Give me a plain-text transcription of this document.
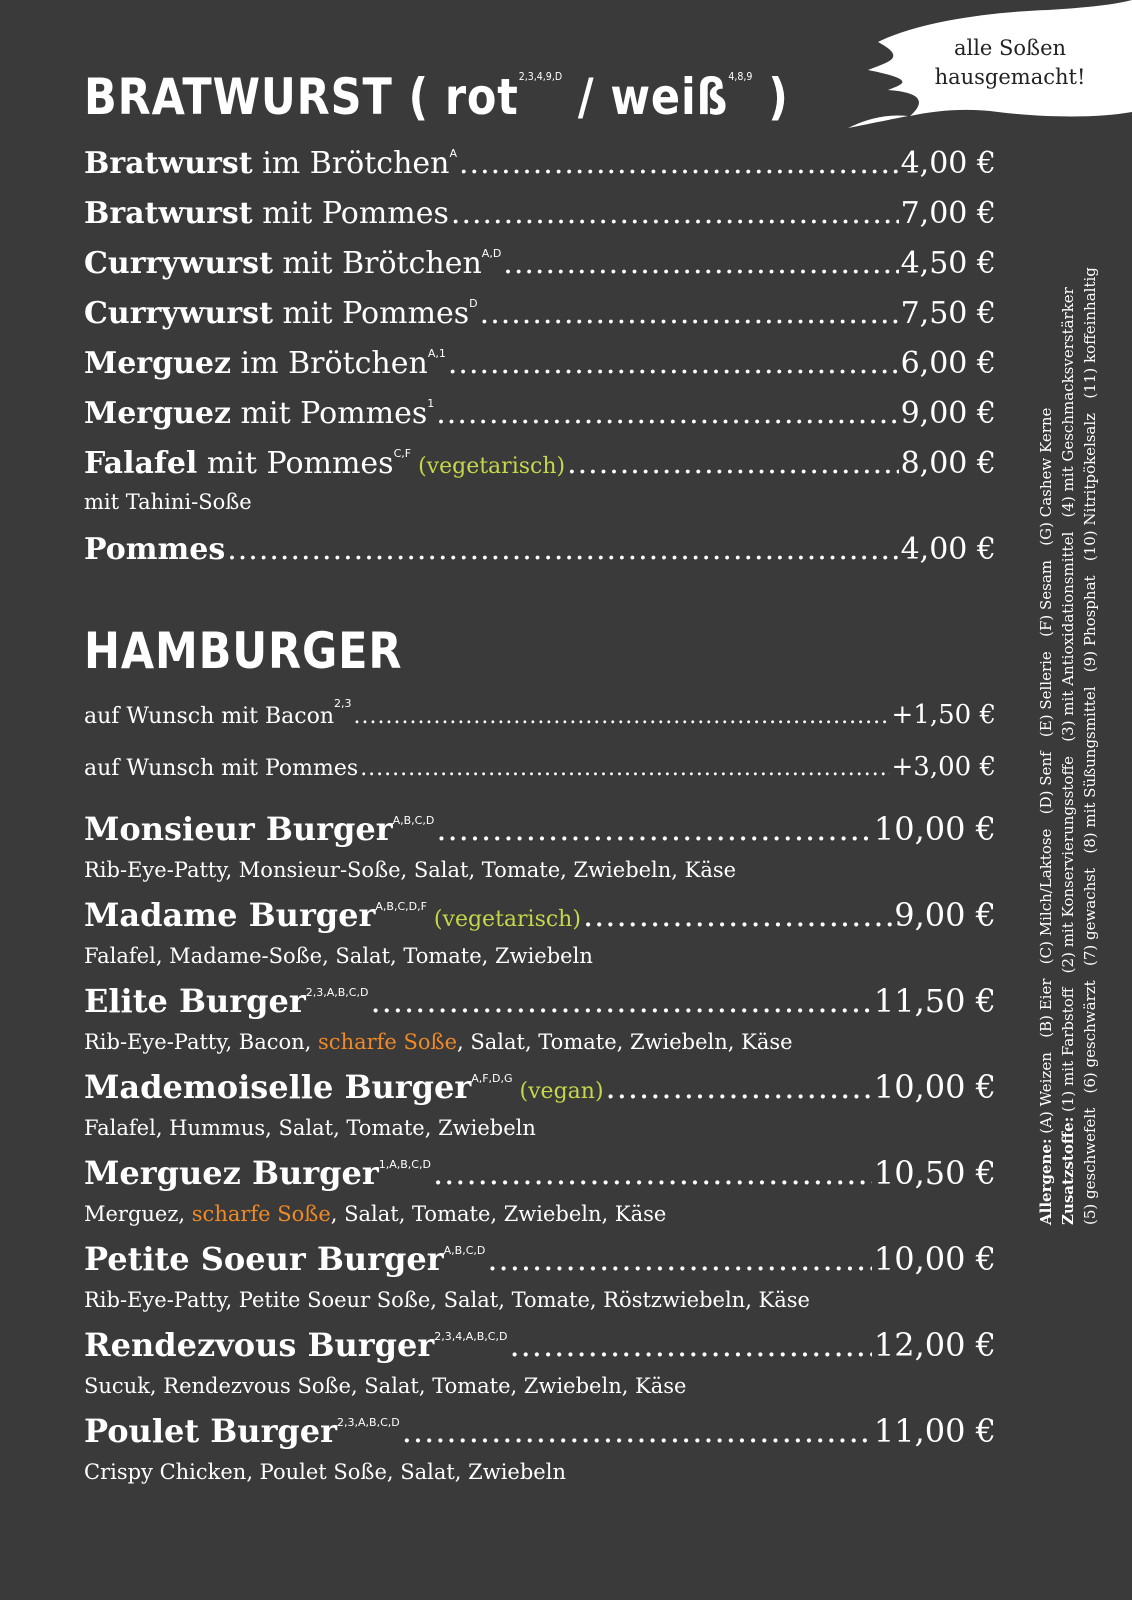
alle Soßen
hausgemacht!
BRATWURST ( rot$^{2,3,4,9,D}$ / weiß$^{4,8,9}$ )
Bratwurst im Brötchen$^A$ .....	4,00 €
Bratwurst mit Pommes .....	7,00 €
Currywurst mit Brötchen$^{A,D}$ .....	4,50 €
Currywurst mit Pommes$^D$ .....	7,50 €
Merguez im Brötchen$^{A,1}$ .....	6,00 €
Merguez mit Pommes$^1$ .....	9,00 €
Falafel mit Pommes$^{C,F}$ (vegetarisch) .....	8,00 €
mit Tahini-Soße
Pommes .....	4,00 €
HAMBURGER
auf Wunsch mit Bacon$^{2,3}$ .....	+1,50 €
auf Wunsch mit Pommes .....	+3,00 €
Monsieur Burger$^{A,B,C,D}$ .....	10,00 €
Rib-Eye-Patty, Monsieur-Soße, Salat, Tomate, Zwiebeln, Käse
Madame Burger$^{A,B,C,D,F}$ (vegetarisch) .....	9,00 €
Falafel, Madame-Soße, Salat, Tomate, Zwiebeln
Elite Burger$^{2,3,A,B,C,D}$ .....	11,50 €
Rib-Eye-Patty, Bacon, scharfe Soße, Salat, Tomate, Zwiebeln, Käse
Mademoiselle Burger$^{A,F,D,G}$ (vegan) .....	10,00 €
Falafel, Hummus, Salat, Tomate, Zwiebeln
Merguez Burger$^{1,A,B,C,D}$ .....	10,50 €
Merguez, scharfe Soße, Salat, Tomate, Zwiebeln, Käse
Petite Soeur Burger$^{A,B,C,D}$ .....	10,00 €
Rib-Eye-Patty, Petite Soeur Soße, Salat, Tomate, Röstzwiebeln, Käse
Rendezvous Burger$^{2,3,4,A,B,C,D}$ .....	12,00 €
Sucuk, Rendezvous Soße, Salat, Tomate, Zwiebeln, Käse
Poulet Burger$^{2,3,A,B,C,D}$ .....	11,00 €
Crispy Chicken, Poulet Soße, Salat, Zwiebeln
Allergene: (A) Weizen   (B) Eier   (C) Milch/Laktose   (D) Senf   (E) Sellerie   (F) Sesam   (G) Cashew Kerne
Zusatzstoffe: (1) mit Farbstoff   (2) mit Konservierungsstoffe   (3) mit Antioxidationsmittel   (4) mit Geschmacksverstärker (5) geschwefelt   (6) geschwärzt   (7) gewachst   (8) mit Süßungsmittel   (9) Phosphat   (10) Nitritpökelsalz   (11) koffeinhaltig
